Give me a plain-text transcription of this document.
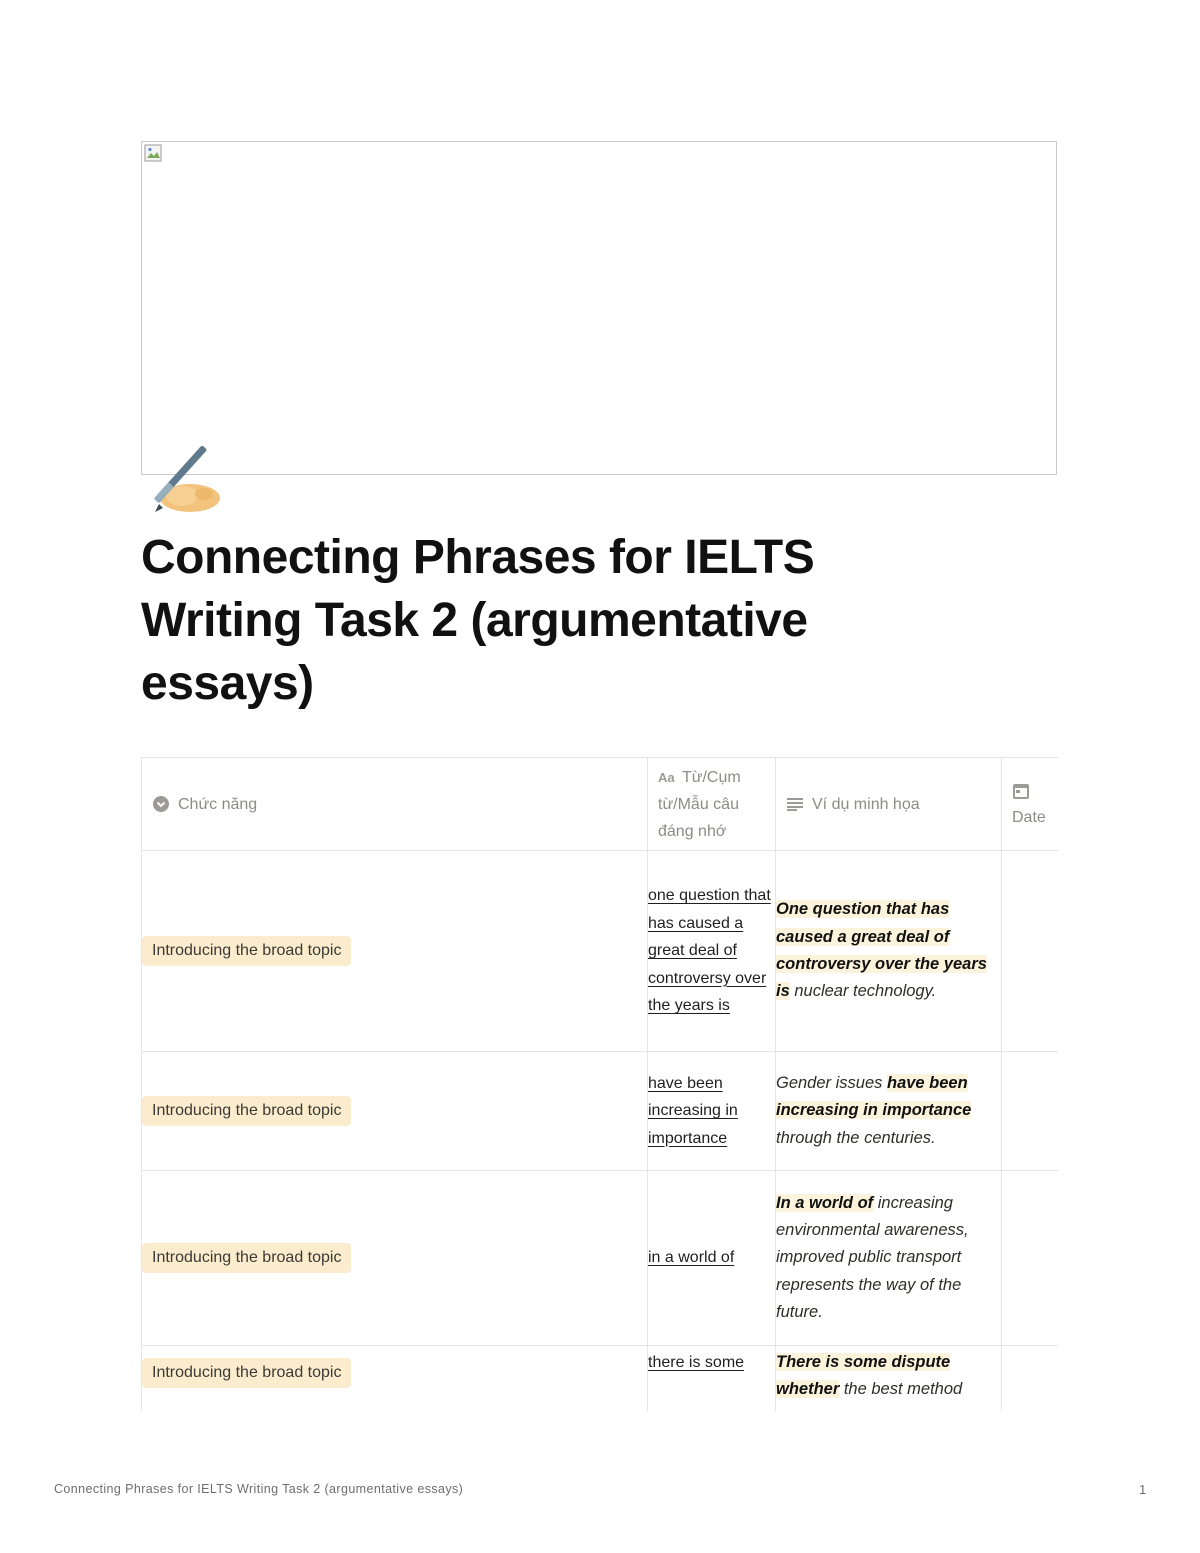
Connecting Phrases for IELTS Writing Task 2 (argumentative essays)
Chức năng	Aa Từ/Cụm từ/Mẫu câu đáng nhớ	Ví dụ minh họa	Date

Introducing the broad topic	one question that has caused a great deal of controversy over the years is	One question that has caused a great deal of controversy over the years is nuclear technology.	
Introducing the broad topic	have been increasing in importance	Gender issues have been increasing in importance through the centuries.	
Introducing the broad topic	in a world of	In a world of increasing environmental awareness, improved public transport represents the way of the future.	
Introducing the broad topic	there is some	There is some dispute whether the best method	
Connecting Phrases for IELTS Writing Task 2 (argumentative essays)	1
